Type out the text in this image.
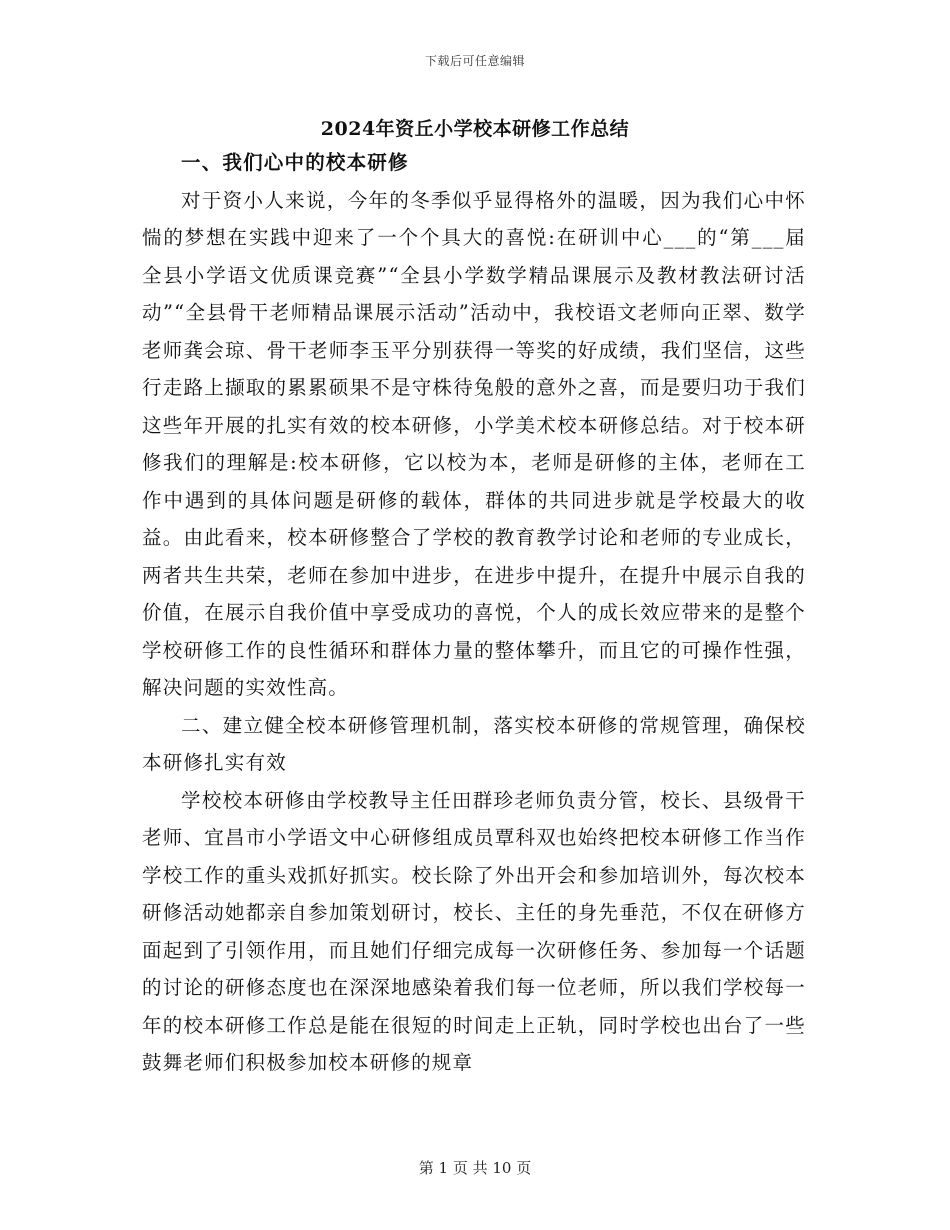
下载后可任意编辑
2024年资丘小学校本研修工作总结

一、我们心中的校本研修

对于资小人来说，今年的冬季似乎显得格外的温暖，因为我们心中怀惴的梦想在实践中迎来了一个个具大的喜悦:在研训中心___的“第___届全县小学语文优质课竞赛”“全县小学数学精品课展示及教材教法研讨活动”“全县骨干老师精品课展示活动”活动中，我校语文老师向正翠、数学老师龚会琼、骨干老师李玉平分别获得一等奖的好成绩，我们坚信，这些行走路上撷取的累累硕果不是守株待兔般的意外之喜，而是要归功于我们这些年开展的扎实有效的校本研修，小学美术校本研修总结。对于校本研修我们的理解是:校本研修，它以校为本，老师是研修的主体，老师在工作中遇到的具体问题是研修的载体，群体的共同进步就是学校最大的收益。由此看来，校本研修整合了学校的教育教学讨论和老师的专业成长，两者共生共荣，老师在参加中进步，在进步中提升，在提升中展示自我的价值，在展示自我价值中享受成功的喜悦，个人的成长效应带来的是整个学校研修工作的良性循环和群体力量的整体攀升，而且它的可操作性强，解决问题的实效性高。

二、建立健全校本研修管理机制，落实校本研修的常规管理，确保校本研修扎实有效

学校校本研修由学校教导主任田群珍老师负责分管，校长、县级骨干老师、宜昌市小学语文中心研修组成员覃科双也始终把校本研修工作当作学校工作的重头戏抓好抓实。校长除了外出开会和参加培训外，每次校本研修活动她都亲自参加策划研讨，校长、主任的身先垂范，不仅在研修方面起到了引领作用，而且她们仔细完成每一次研修任务、参加每一个话题的讨论的研修态度也在深深地感染着我们每一位老师，所以我们学校每一年的校本研修工作总是能在很短的时间走上正轨，同时学校也出台了一些鼓舞老师们积极参加校本研修的规章

第 1 页 共 10 页
